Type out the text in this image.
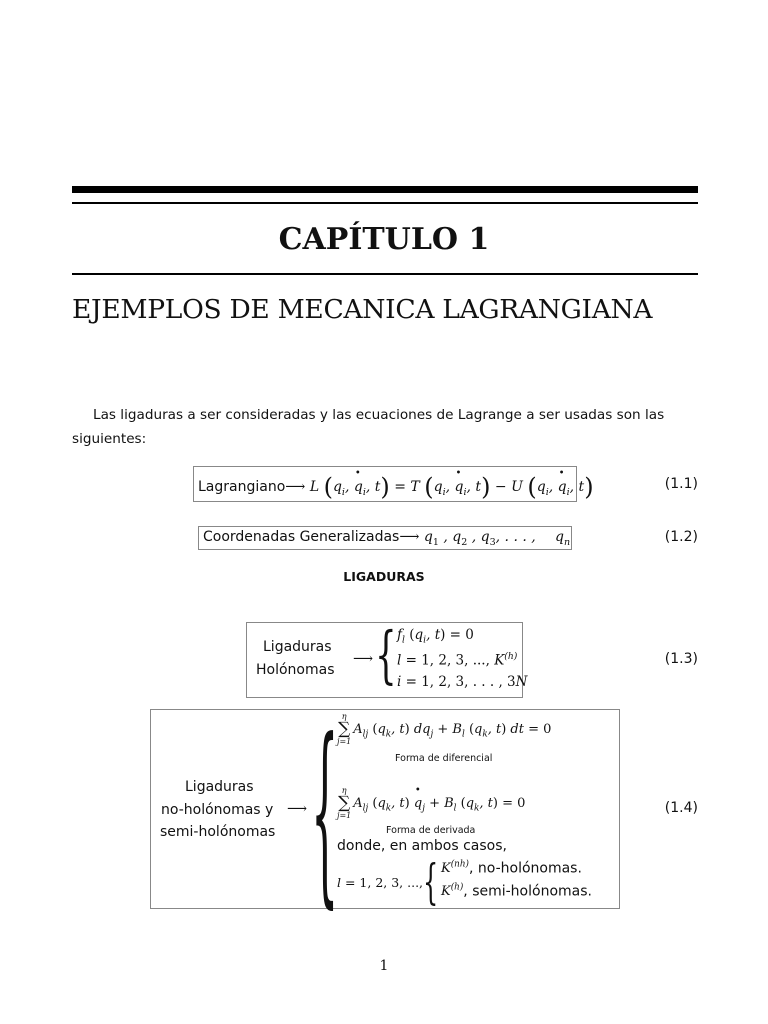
CAPÍTULO 1
EJEMPLOS DE MECANICA LAGRANGIANA
Las ligaduras a ser consideradas y las ecuaciones de Lagrange a ser usadas son las
siguientes:
Lagrangiano⟶ L ($q_i$, • $q_i$, t) = T ($q_i$, • $q_i$, t) − U ($q_i$, • $q_i$, t)	(1.1)
Coordenadas Generalizadas⟶ $q_1$ , $q_2$ , $q_3$, . . . , $q_n$	(1.2)
LIGADURAS
Ligaduras
Holónomas
⟶ { $f_l$ ($q_i$, t) = 0
l = 1, 2, 3, ..., $K^{(h)}$
i = 1, 2, 3, . . . , 3N
(1.3)
Ligaduras
no-holónomas y
semi-holónomas
⟶ { η
∑
j=1
$A_{lj}$ ($q_k$, t) $dq_j + B_l$ ($q_k$, t) dt = 0
Forma de diferencial
η
∑
j=1
$A_{lj}$ ($q_k$, t) • $q_j + B_l$ ($q_k$, t) = 0
Forma de derivada
donde, en ambos casos,
l = 1, 2, 3, ..., { $K^{(nh)}$, no-holónomas.
$K^{(h)}$, semi-holónomas.
(1.4)
1
